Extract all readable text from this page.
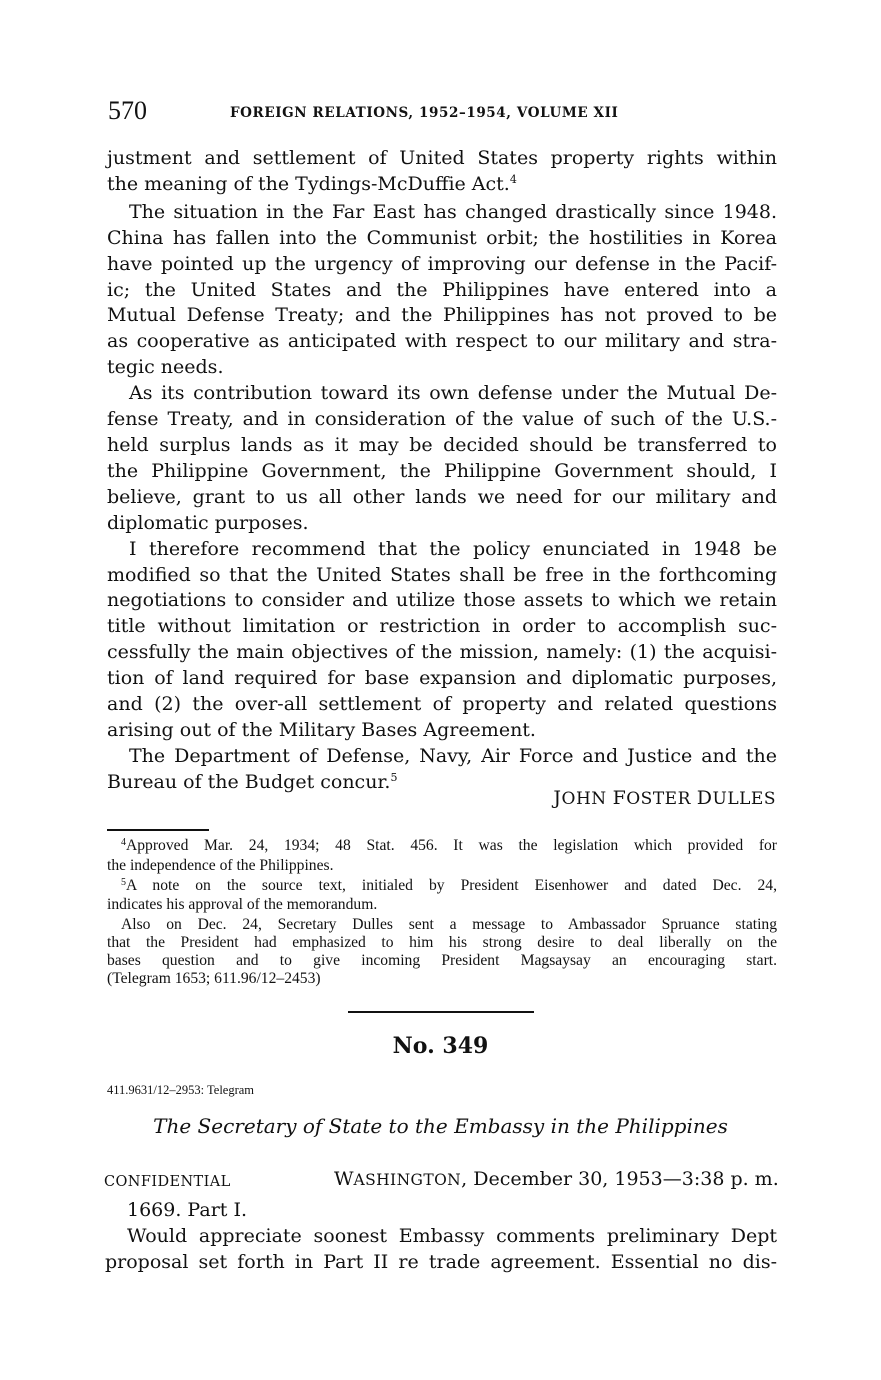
570	FOREIGN RELATIONS, 1952–1954, VOLUME XII

justment and settlement of United States property rights within
the meaning of the Tydings-McDuffie Act.$^4$

The situation in the Far East has changed drastically since 1948.
China has fallen into the Communist orbit; the hostilities in Korea
have pointed up the urgency of improving our defense in the Pacif-
ic; the United States and the Philippines have entered into a
Mutual Defense Treaty; and the Philippines has not proved to be
as cooperative as anticipated with respect to our military and stra-
tegic needs.

As its contribution toward its own defense under the Mutual De-
fense Treaty, and in consideration of the value of such of the U.S.-
held surplus lands as it may be decided should be transferred to
the Philippine Government, the Philippine Government should, I
believe, grant to us all other lands we need for our military and
diplomatic purposes.

I therefore recommend that the policy enunciated in 1948 be
modified so that the United States shall be free in the forthcoming
negotiations to consider and utilize those assets to which we retain
title without limitation or restriction in order to accomplish suc-
cessfully the main objectives of the mission, namely: (1) the acquisi-
tion of land required for base expansion and diplomatic purposes,
and (2) the over-all settlement of property and related questions
arising out of the Military Bases Agreement.

The Department of Defense, Navy, Air Force and Justice and the
Bureau of the Budget concur.$^5$

JOHN FOSTER DULLES
$^4$Approved Mar. 24, 1934; 48 Stat. 456. It was the legislation which provided for
the independence of the Philippines.
$^5$A note on the source text, initialed by President Eisenhower and dated Dec. 24,
indicates his approval of the memorandum.
Also on Dec. 24, Secretary Dulles sent a message to Ambassador Spruance stating
that the President had emphasized to him his strong desire to deal liberally on the
bases question and to give incoming President Magsaysay an encouraging start.
(Telegram 1653; 611.96/12–2453)
No. 349
411.9631/12–2953: Telegram
The Secretary of State to the Embassy in the Philippines
CONFIDENTIAL	WASHINGTON, December 30, 1953—3:38 p. m.
1669. Part I.
Would appreciate soonest Embassy comments preliminary Dept
proposal set forth in Part II re trade agreement. Essential no dis-
